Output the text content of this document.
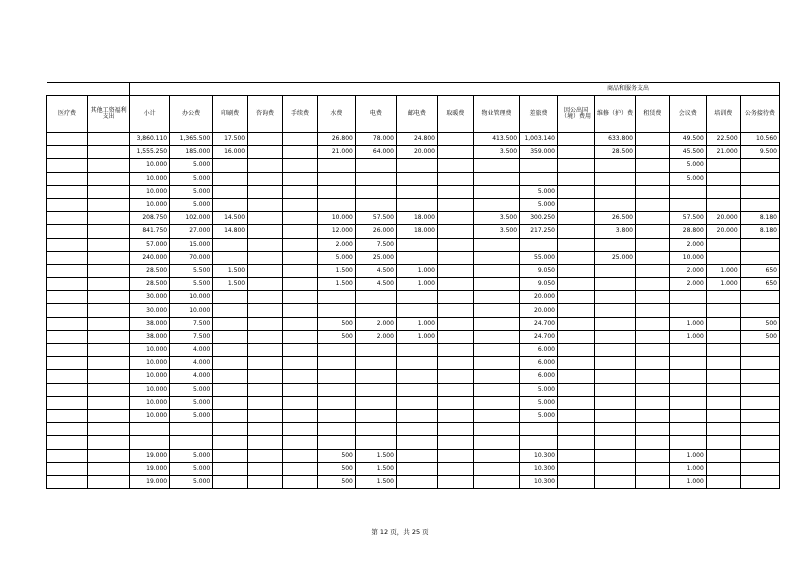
		商品和服务支出																
医疗费	其他工资福利支出	小计	办公费	印刷费	咨询费	手续费	水费	电费	邮电费	取暖费	物业管理费	差旅费	因公出国（境）费用	维修（护）费	租赁费	会议费	培训费	公务接待费
		3,860.110	1,365.500	17.500			26.800	78.000	24.800		413.500	1,003.140		633.800		49.500	22.500	10.560
		1,555.250	185.000	16.000			21.000	64.000	20.000		3.500	359.000		28.500		45.500	21.000	9.500
		10.000	5.000													5.000		
		10.000	5.000													5.000		
		10.000	5.000									5.000						
		10.000	5.000									5.000						
		208.750	102.000	14.500			10.000	57.500	18.000		3.500	300.250		26.500		57.500	20.000	8.180
		841.750	27.000	14.800			12.000	26.000	18.000		3.500	217.250		3.800		28.800	20.000	8.180
		57.000	15.000				2.000	7.500								2.000		
		240.000	70.000				5.000	25.000				55.000		25.000		10.000		
		28.500	5.500	1.500			1.500	4.500	1.000			9.050				2.000	1.000	650
		28.500	5.500	1.500			1.500	4.500	1.000			9.050				2.000	1.000	650
		30.000	10.000									20.000						
		30.000	10.000									20.000						
		38.000	7.500				500	2.000	1.000			24.700				1.000		500
		38.000	7.500				500	2.000	1.000			24.700				1.000		500
		10.000	4.000									6.000						
		10.000	4.000									6.000						
		10.000	4.000									6.000						
		10.000	5.000									5.000						
		10.000	5.000									5.000						
		10.000	5.000									5.000						

		19.000	5.000				500	1.500				10.300				1.000		
		19.000	5.000				500	1.500				10.300				1.000		
		19.000	5.000				500	1.500				10.300				1.000		
第 12 页，共 25 页
